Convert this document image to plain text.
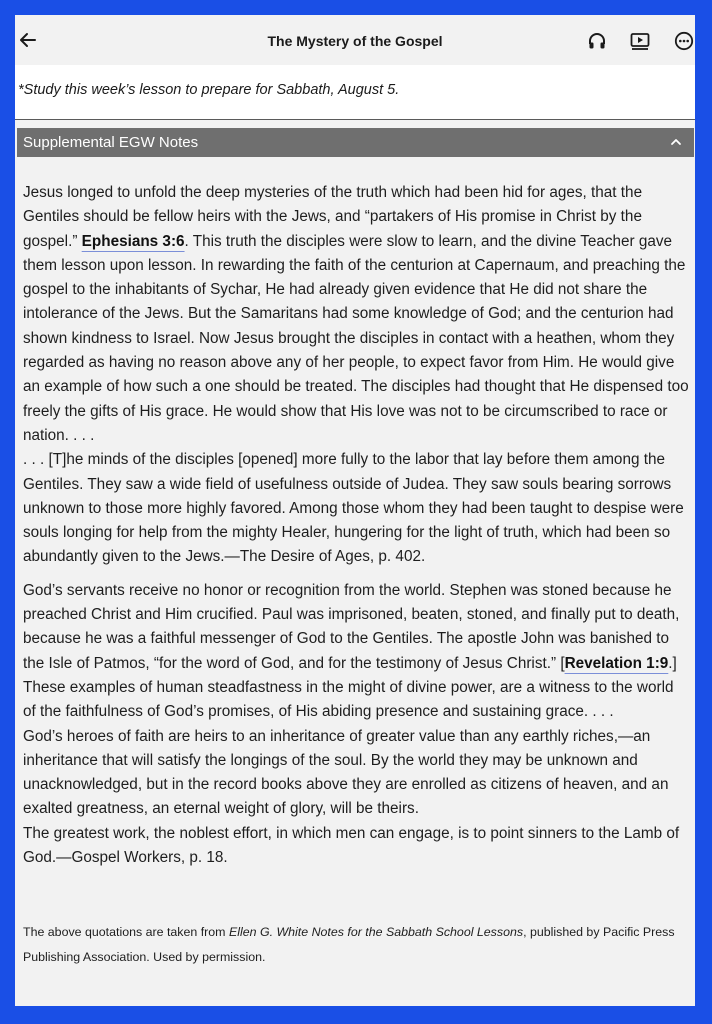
The Mystery of the Gospel

*Study this week’s lesson to prepare for Sabbath, August 5.

Supplemental EGW Notes

Jesus longed to unfold the deep mysteries of the truth which had been hid for ages, that the Gentiles should be fellow heirs with the Jews, and “partakers of His promise in Christ by the gospel.” Ephesians 3:6. This truth the disciples were slow to learn, and the divine Teacher gave them lesson upon lesson. In rewarding the faith of the centurion at Capernaum, and preaching the gospel to the inhabitants of Sychar, He had already given evidence that He did not share the intolerance of the Jews. But the Samaritans had some knowledge of God; and the centurion had shown kindness to Israel. Now Jesus brought the disciples in contact with a heathen, whom they regarded as having no reason above any of her people, to expect favor from Him. He would give an example of how such a one should be treated. The disciples had thought that He dispensed too freely the gifts of His grace. He would show that His love was not to be circumscribed to race or nation. . . .

. . . [T]he minds of the disciples [opened] more fully to the labor that lay before them among the Gentiles. They saw a wide field of usefulness outside of Judea. They saw souls bearing sorrows unknown to those more highly favored. Among those whom they had been taught to despise were souls longing for help from the mighty Healer, hungering for the light of truth, which had been so abundantly given to the Jews.—The Desire of Ages, p. 402.

God’s servants receive no honor or recognition from the world. Stephen was stoned because he preached Christ and Him crucified. Paul was imprisoned, beaten, stoned, and finally put to death, because he was a faithful messenger of God to the Gentiles. The apostle John was banished to the Isle of Patmos, “for the word of God, and for the testimony of Jesus Christ.” [Revelation 1:9.] These examples of human steadfastness in the might of divine power, are a witness to the world of the faithfulness of God’s promises, of His abiding presence and sustaining grace. . . .

God’s heroes of faith are heirs to an inheritance of greater value than any earthly riches,—an inheritance that will satisfy the longings of the soul. By the world they may be unknown and unacknowledged, but in the record books above they are enrolled as citizens of heaven, and an exalted greatness, an eternal weight of glory, will be theirs.

The greatest work, the noblest effort, in which men can engage, is to point sinners to the Lamb of God.—Gospel Workers, p. 18.

The above quotations are taken from Ellen G. White Notes for the Sabbath School Lessons, published by Pacific Press Publishing Association. Used by permission.
